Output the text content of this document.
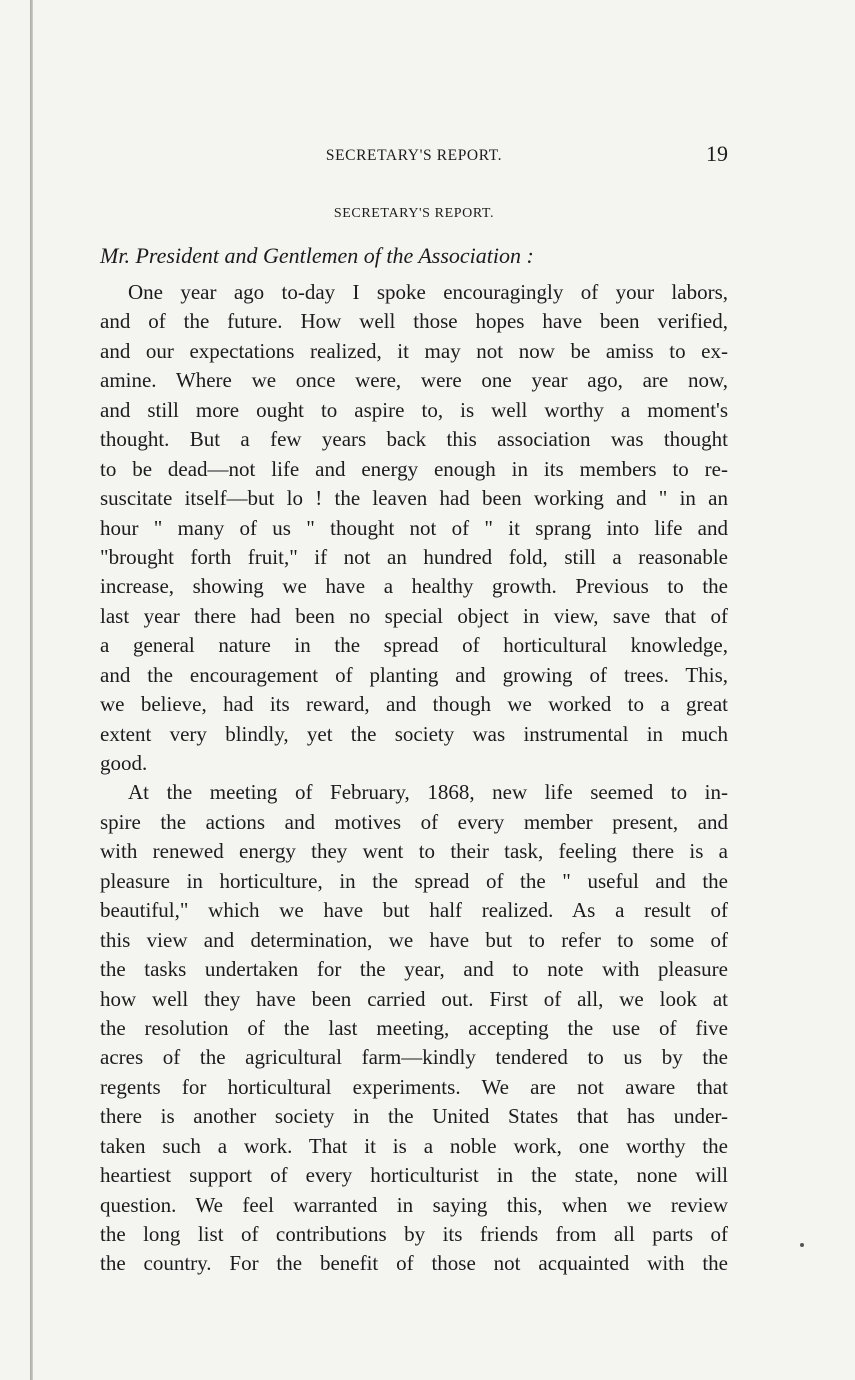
SECRETARY'S REPORT.	19
SECRETARY'S REPORT.
Mr. President and Gentlemen of the Association :
One year ago to-day I spoke encouragingly of your labors,
and of the future. How well those hopes have been verified,
and our expectations realized, it may not now be amiss to ex-
amine. Where we once were, were one year ago, are now,
and still more ought to aspire to, is well worthy a moment's
thought. But a few years back this association was thought
to be dead—not life and energy enough in its members to re-
suscitate itself—but lo ! the leaven had been working and " in an
hour " many of us " thought not of " it sprang into life and
"brought forth fruit," if not an hundred fold, still a reasonable
increase, showing we have a healthy growth. Previous to the
last year there had been no special object in view, save that of
a general nature in the spread of horticultural knowledge,
and the encouragement of planting and growing of trees. This,
we believe, had its reward, and though we worked to a great
extent very blindly, yet the society was instrumental in much
good.
At the meeting of February, 1868, new life seemed to in-
spire the actions and motives of every member present, and
with renewed energy they went to their task, feeling there is a
pleasure in horticulture, in the spread of the " useful and the
beautiful," which we have but half realized. As a result of
this view and determination, we have but to refer to some of
the tasks undertaken for the year, and to note with pleasure
how well they have been carried out. First of all, we look at
the resolution of the last meeting, accepting the use of five
acres of the agricultural farm—kindly tendered to us by the
regents for horticultural experiments. We are not aware that
there is another society in the United States that has under-
taken such a work. That it is a noble work, one worthy the
heartiest support of every horticulturist in the state, none will
question. We feel warranted in saying this, when we review
the long list of contributions by its friends from all parts of
the country. For the benefit of those not acquainted with the
